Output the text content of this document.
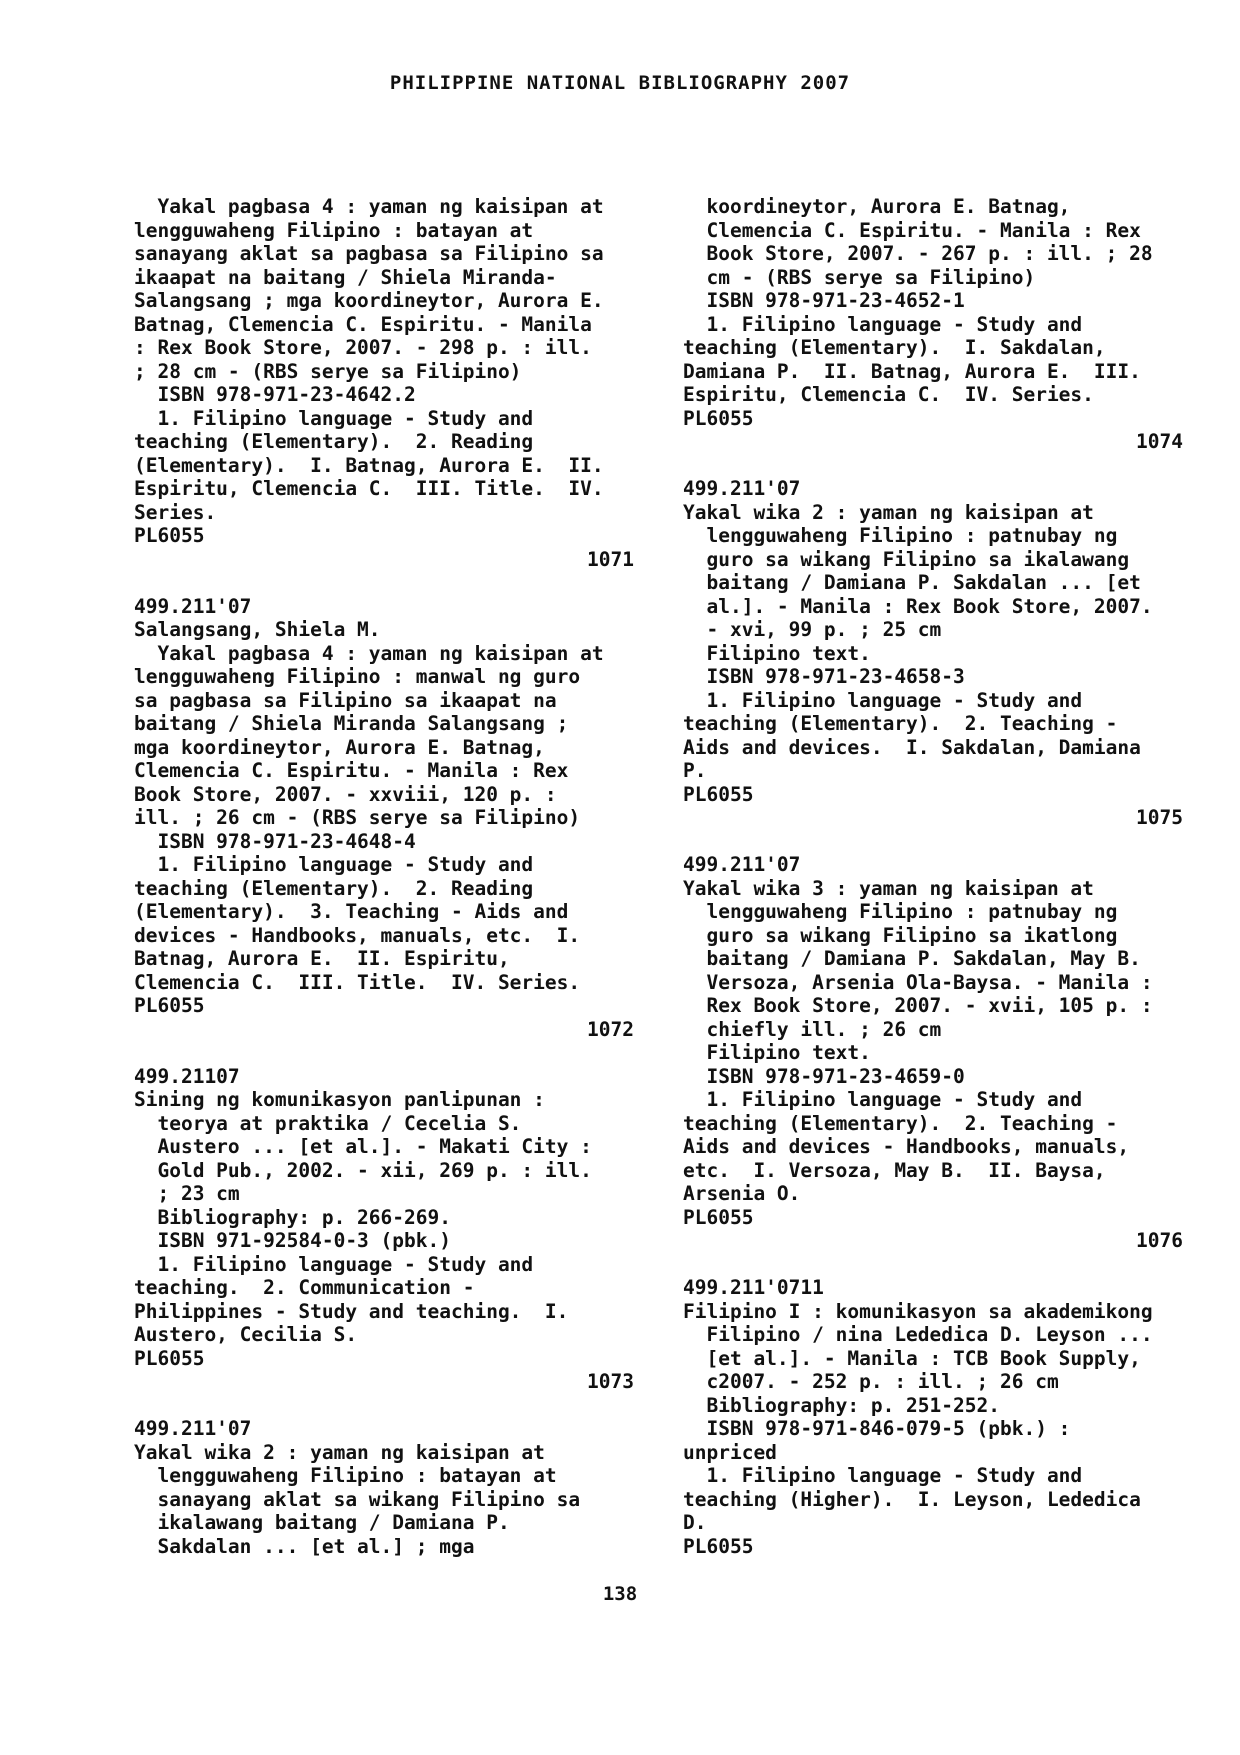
PHILIPPINE NATIONAL BIBLIOGRAPHY 2007
Yakal pagbasa 4 : yaman ng kaisipan at
lengguwaheng Filipino : batayan at
sanayang aklat sa pagbasa sa Filipino sa
ikaapat na baitang / Shiela Miranda-
Salangsang ; mga koordineytor, Aurora E.
Batnag, Clemencia C. Espiritu. - Manila
: Rex Book Store, 2007. - 298 p. : ill.
; 28 cm - (RBS serye sa Filipino)
ISBN 978-971-23-4642.2
1. Filipino language - Study and
teaching (Elementary).  2. Reading
(Elementary).  I. Batnag, Aurora E.  II.
Espiritu, Clemencia C.  III. Title.  IV.
Series.
PL6055
1071
499.211'07
Salangsang, Shiela M.
Yakal pagbasa 4 : yaman ng kaisipan at
lengguwaheng Filipino : manwal ng guro
sa pagbasa sa Filipino sa ikaapat na
baitang / Shiela Miranda Salangsang ;
mga koordineytor, Aurora E. Batnag,
Clemencia C. Espiritu. - Manila : Rex
Book Store, 2007. - xxviii, 120 p. :
ill. ; 26 cm - (RBS serye sa Filipino)
ISBN 978-971-23-4648-4
1. Filipino language - Study and
teaching (Elementary).  2. Reading
(Elementary).  3. Teaching - Aids and
devices - Handbooks, manuals, etc.  I.
Batnag, Aurora E.  II. Espiritu,
Clemencia C.  III. Title.  IV. Series.
PL6055
1072
499.21107
Sining ng komunikasyon panlipunan :
teorya at praktika / Cecelia S.
Austero ... [et al.]. - Makati City :
Gold Pub., 2002. - xii, 269 p. : ill.
; 23 cm
Bibliography: p. 266-269.
ISBN 971-92584-0-3 (pbk.)
1. Filipino language - Study and
teaching.  2. Communication -
Philippines - Study and teaching.  I.
Austero, Cecilia S.
PL6055
1073
499.211'07
Yakal wika 2 : yaman ng kaisipan at
lengguwaheng Filipino : batayan at
sanayang aklat sa wikang Filipino sa
ikalawang baitang / Damiana P.
Sakdalan ... [et al.] ; mga
koordineytor, Aurora E. Batnag,
Clemencia C. Espiritu. - Manila : Rex
Book Store, 2007. - 267 p. : ill. ; 28
cm - (RBS serye sa Filipino)
ISBN 978-971-23-4652-1
1. Filipino language - Study and
teaching (Elementary).  I. Sakdalan,
Damiana P.  II. Batnag, Aurora E.  III.
Espiritu, Clemencia C.  IV. Series.
PL6055
1074
499.211'07
Yakal wika 2 : yaman ng kaisipan at
lengguwaheng Filipino : patnubay ng
guro sa wikang Filipino sa ikalawang
baitang / Damiana P. Sakdalan ... [et
al.]. - Manila : Rex Book Store, 2007.
- xvi, 99 p. ; 25 cm
Filipino text.
ISBN 978-971-23-4658-3
1. Filipino language - Study and
teaching (Elementary).  2. Teaching -
Aids and devices.  I. Sakdalan, Damiana
P.
PL6055
1075
499.211'07
Yakal wika 3 : yaman ng kaisipan at
lengguwaheng Filipino : patnubay ng
guro sa wikang Filipino sa ikatlong
baitang / Damiana P. Sakdalan, May B.
Versoza, Arsenia Ola-Baysa. - Manila :
Rex Book Store, 2007. - xvii, 105 p. :
chiefly ill. ; 26 cm
Filipino text.
ISBN 978-971-23-4659-0
1. Filipino language - Study and
teaching (Elementary).  2. Teaching -
Aids and devices - Handbooks, manuals,
etc.  I. Versoza, May B.  II. Baysa,
Arsenia O.
PL6055
1076
499.211'0711
Filipino I : komunikasyon sa akademikong
Filipino / nina Lededica D. Leyson ...
[et al.]. - Manila : TCB Book Supply,
c2007. - 252 p. : ill. ; 26 cm
Bibliography: p. 251-252.
ISBN 978-971-846-079-5 (pbk.) :
unpriced
1. Filipino language - Study and
teaching (Higher).  I. Leyson, Lededica
D.
PL6055
138
